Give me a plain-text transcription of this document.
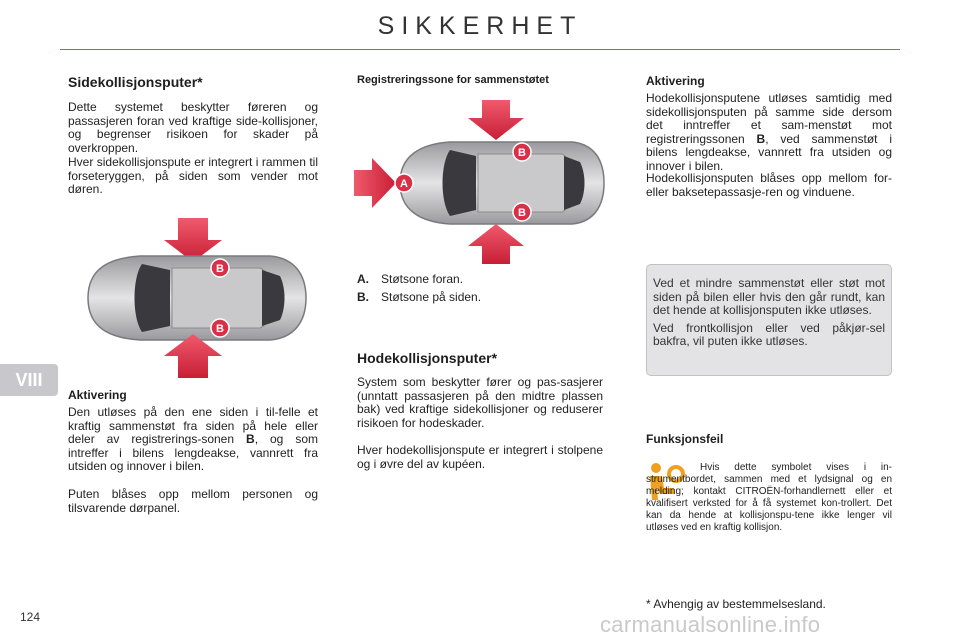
SIKKERHET
VIII
Sidekollisjonsputer*

Dette systemet beskytter føreren og passasjeren foran ved kraftige side-kollisjoner, og begrenser risikoen for skader på overkroppen.

Hver sidekollisjonspute er integrert i rammen til forseteryggen, på siden som vender mot døren.

B
B
Aktivering

Den utløses på den ene siden i til-felle et kraftig sammenstøt fra siden på hele eller deler av registrerings-sonen B, og som intreffer i bilens lengdeakse, vannrett fra utsiden og innover i bilen.

Puten blåses opp mellom personen og tilsvarende dørpanel.

Registreringssone for sammenstøtet
A
B
B
A. Støtsone foran.
B. Støtsone på siden.
Hodekollisjonsputer*

System som beskytter fører og pas-sasjerer (unntatt passasjeren på den midtre plassen bak) ved kraftige sidekollisjoner og reduserer risikoen for hodeskader.

Hver hodekollisjonspute er integrert i stolpene og i øvre del av kupéen.

Aktivering

Hodekollisjonsputene utløses samtidig med sidekollisjonsputen på samme side dersom det inntreffer et sam-menstøt mot registreringssonen B, ved sammenstøt i bilens lengdeakse, vannrett fra utsiden og innover i bilen.

Hodekollisjonsputen blåses opp mellom for- eller baksetepassasje-ren og vinduene.

Ved et mindre sammenstøt eller støt mot siden på bilen eller hvis den går rundt, kan det hende at kollisjonsputen ikke utløses.

Ved frontkollisjon eller ved påkjør-sel bakfra, vil puten ikke utløses.

Funksjonsfeil

Hvis dette symbolet vises i in-strumentbordet, sammen med et lydsignal og en melding; kontakt CITROËN-forhandlernett eller et kvalifisert verksted for å få systemet kon-trollert. Det kan da hende at kollisjonspu-tene ikke lenger vil utløses ved en kraftig kollisjon.

* Avhengig av bestemmelsesland.

124	carmanualsonline.info
